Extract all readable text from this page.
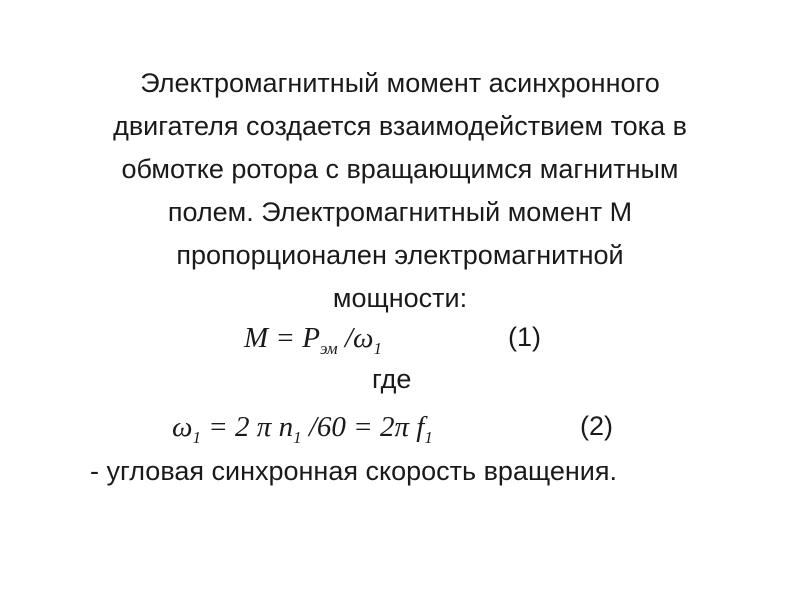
Электромагнитный момент асинхронного
двигателя создается взаимодействием тока в
обмотке ротора с вращающимся магнитным
полем. Электромагнитный момент М
пропорционален электромагнитной
мощности:
$M = P_{эм}$ $/\omega_1$	(1)
где
$\omega_1 = 2$ π $n_1$ /60 = 2π $f_1$	(2)
- угловая синхронная скорость вращения.
